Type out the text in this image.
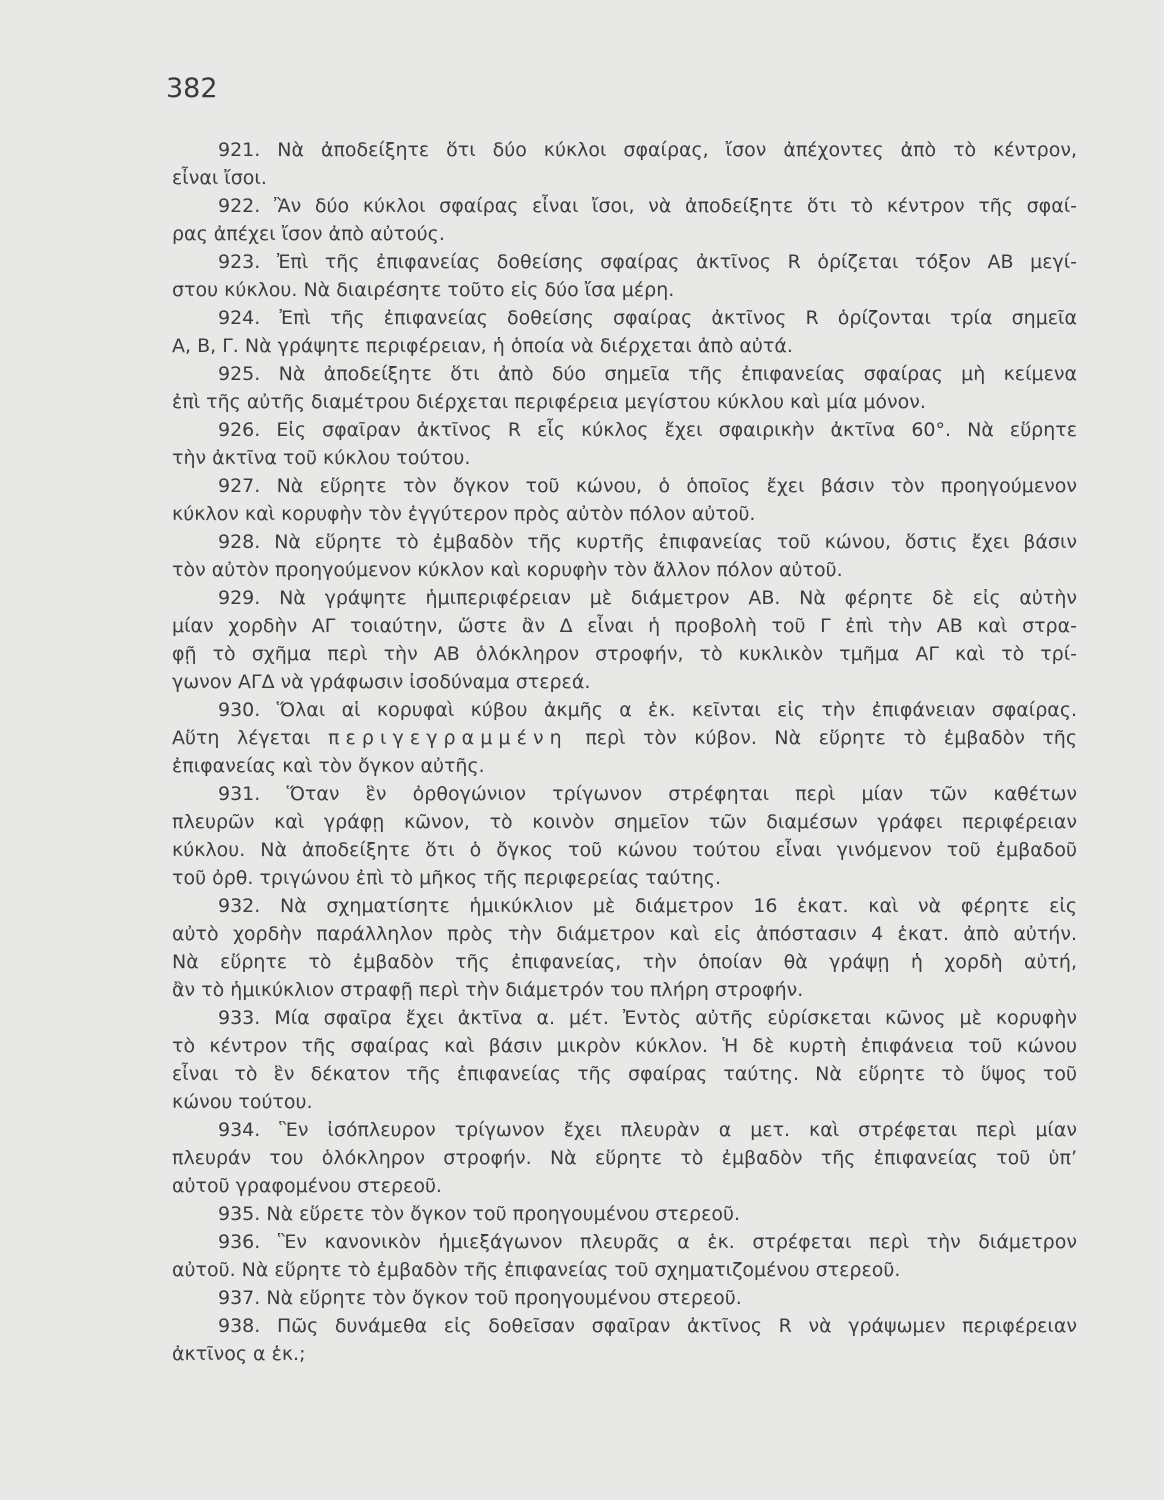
382
921. Νὰ ἀποδείξητε ὅτι δύο κύκλοι σφαίρας, ἴσον ἀπέχοντες ἀπὸ τὸ κέντρον,
εἶναι ἴσοι.
922. Ἂν δύο κύκλοι σφαίρας εἶναι ἴσοι, νὰ ἀποδείξητε ὅτι τὸ κέντρον τῆς σφαί-
ρας ἀπέχει ἴσον ἀπὸ αὐτούς.
923. Ἐπὶ τῆς ἐπιφανείας δοθείσης σφαίρας ἀκτῖνος R ὁρίζεται τόξον ΑΒ μεγί-
στου κύκλου. Νὰ διαιρέσητε τοῦτο εἰς δύο ἴσα μέρη.
924. Ἐπὶ τῆς ἐπιφανείας δοθείσης σφαίρας ἀκτῖνος R ὁρίζονται τρία σημεῖα
Α, Β, Γ. Νὰ γράψητε περιφέρειαν, ἡ ὁποία νὰ διέρχεται ἀπὸ αὐτά.
925. Νὰ ἀποδείξητε ὅτι ἀπὸ δύο σημεῖα τῆς ἐπιφανείας σφαίρας μὴ κείμενα
ἐπὶ τῆς αὐτῆς διαμέτρου διέρχεται περιφέρεια μεγίστου κύκλου καὶ μία μόνον.
926. Εἰς σφαῖραν ἀκτῖνος R εἷς κύκλος ἔχει σφαιρικὴν ἀκτῖνα 60°. Νὰ εὕρητε
τὴν ἀκτῖνα τοῦ κύκλου τούτου.
927. Νὰ εὕρητε τὸν ὄγκον τοῦ κώνου, ὁ ὁποῖος ἔχει βάσιν τὸν προηγούμενον
κύκλον καὶ κορυφὴν τὸν ἐγγύτερον πρὸς αὐτὸν πόλον αὐτοῦ.
928. Νὰ εὕρητε τὸ ἐμβαδὸν τῆς κυρτῆς ἐπιφανείας τοῦ κώνου, ὅστις ἔχει βάσιν
τὸν αὐτὸν προηγούμενον κύκλον καὶ κορυφὴν τὸν ἄλλον πόλον αὐτοῦ.
929. Νὰ γράψητε ἡμιπεριφέρειαν μὲ διάμετρον ΑΒ. Νὰ φέρητε δὲ εἰς αὐτὴν
μίαν χορδὴν ΑΓ τοιαύτην, ὥστε ἂν Δ εἶναι ἡ προβολὴ τοῦ Γ ἐπὶ τὴν ΑΒ καὶ στρα-
φῇ τὸ σχῆμα περὶ τὴν ΑΒ ὁλόκληρον στροφήν, τὸ κυκλικὸν τμῆμα ΑΓ καὶ τὸ τρί-
γωνον ΑΓΔ νὰ γράφωσιν ἰσοδύναμα στερεά.
930. Ὅλαι αἱ κορυφαὶ κύβου ἀκμῆς α ἑκ. κεῖνται εἰς τὴν ἐπιφάνειαν σφαίρας.
Αὕτη λέγεται περιγεγραμμένη περὶ τὸν κύβον. Νὰ εὕρητε τὸ ἐμβαδὸν τῆς
ἐπιφανείας καὶ τὸν ὄγκον αὐτῆς.
931. Ὅταν ἓν ὀρθογώνιον τρίγωνον στρέφηται περὶ μίαν τῶν καθέτων
πλευρῶν καὶ γράφῃ κῶνον, τὸ κοινὸν σημεῖον τῶν διαμέσων γράφει περιφέρειαν
κύκλου. Νὰ ἀποδείξητε ὅτι ὁ ὄγκος τοῦ κώνου τούτου εἶναι γινόμενον τοῦ ἐμβαδοῦ
τοῦ ὀρθ. τριγώνου ἐπὶ τὸ μῆκος τῆς περιφερείας ταύτης.
932. Νὰ σχηματίσητε ἡμικύκλιον μὲ διάμετρον 16 ἑκατ. καὶ νὰ φέρητε εἰς
αὐτὸ χορδὴν παράλληλον πρὸς τὴν διάμετρον καὶ εἰς ἀπόστασιν 4 ἑκατ. ἀπὸ αὐτήν.
Νὰ εὕρητε τὸ ἐμβαδὸν τῆς ἐπιφανείας, τὴν ὁποίαν θὰ γράψῃ ἡ χορδὴ αὐτή,
ἂν τὸ ἡμικύκλιον στραφῇ περὶ τὴν διάμετρόν του πλήρη στροφήν.
933. Μία σφαῖρα ἔχει ἀκτῖνα α. μέτ. Ἐντὸς αὐτῆς εὑρίσκεται κῶνος μὲ κορυφὴν
τὸ κέντρον τῆς σφαίρας καὶ βάσιν μικρὸν κύκλον. Ἡ δὲ κυρτὴ ἐπιφάνεια τοῦ κώνου
εἶναι τὸ ἓν δέκατον τῆς ἐπιφανείας τῆς σφαίρας ταύτης. Νὰ εὕρητε τὸ ὕψος τοῦ
κώνου τούτου.
934. Ἓν ἰσόπλευρον τρίγωνον ἔχει πλευρὰν α μετ. καὶ στρέφεται περὶ μίαν
πλευράν του ὁλόκληρον στροφήν. Νὰ εὕρητε τὸ ἐμβαδὸν τῆς ἐπιφανείας τοῦ ὑπ’
αὐτοῦ γραφομένου στερεοῦ.
935. Νὰ εὕρετε τὸν ὄγκον τοῦ προηγουμένου στερεοῦ.
936. Ἓν κανονικὸν ἡμιεξάγωνον πλευρᾶς α ἑκ. στρέφεται περὶ τὴν διάμετρον
αὐτοῦ. Νὰ εὕρητε τὸ ἐμβαδὸν τῆς ἐπιφανείας τοῦ σχηματιζομένου στερεοῦ.
937. Νὰ εὕρητε τὸν ὄγκον τοῦ προηγουμένου στερεοῦ.
938. Πῶς δυνάμεθα εἰς δοθεῖσαν σφαῖραν ἀκτῖνος R νὰ γράψωμεν περιφέρειαν
ἀκτῖνος α ἑκ.;
